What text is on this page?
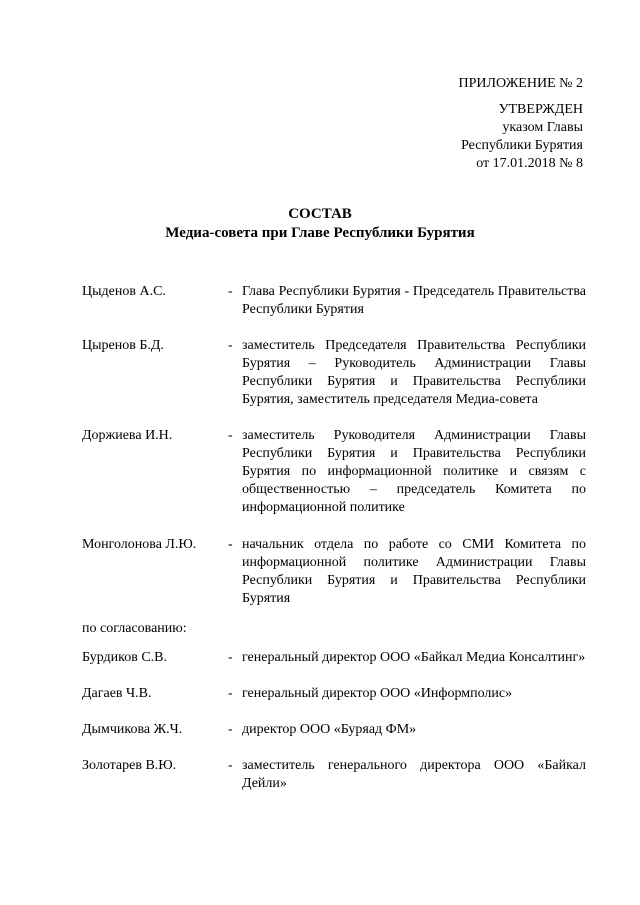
ПРИЛОЖЕНИЕ № 2
УТВЕРЖДЕН
указом Главы
Республики Бурятия
от 17.01.2018 № 8
СОСТАВ
Медиа-совета при Главе Республики Бурятия
Цыденов А.С.	- Глава Республики Бурятия - Председатель Правительства Республики Бурятия
Цыренов Б.Д.	- заместитель Председателя Правительства Республики Бурятия – Руководитель Администрации Главы Республики Бурятия и Правительства Республики Бурятия, заместитель председателя Медиа-совета
Доржиева И.Н.	- заместитель Руководителя Администрации Главы Республики Бурятия и Правительства Республики Бурятия по информационной политике и связям с общественностью – председатель Комитета по информационной политике
Монголонова Л.Ю.	- начальник отдела по работе со СМИ Комитета по информационной политике Администрации Главы Республики Бурятия и Правительства Республики Бурятия
по согласованию:
Бурдиков С.В.	- генеральный директор ООО «Байкал Медиа Консалтинг»
Дагаев Ч.В.	- генеральный директор ООО «Информполис»
Дымчикова Ж.Ч.	- директор ООО «Буряад ФМ»
Золотарев В.Ю.	- заместитель генерального директора ООО «Байкал Дейли»
